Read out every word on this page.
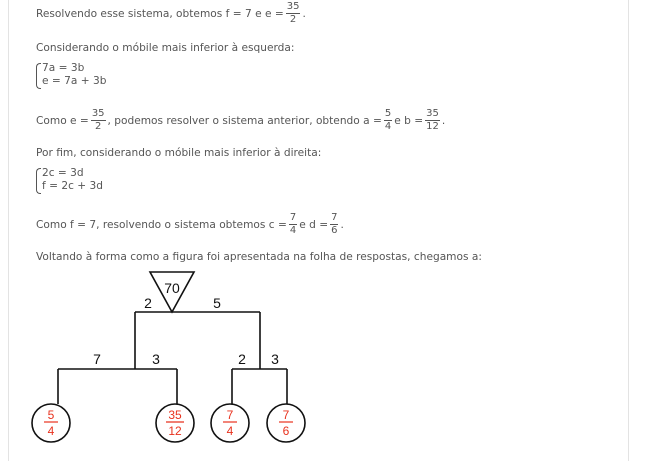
Resolvendo esse sistema, obtemos f = 7 e $e = \frac{35}{2}$ .
Considerando o móbile mais inferior à esquerda:
7a = 3b
e = 7a + 3b
Como $e = \frac{35}{2}$ , podemos resolver o sistema anterior, obtendo $a = \frac{5}{4}$ e $b = \frac{35}{12}$ .
Por fim, considerando o móbile mais inferior à direita:
2c = 3d
f = 2c + 3d
Como f = 7, resolvendo o sistema obtemos $c = \frac{7}{4}$ e $d = \frac{7}{6}$ .
Voltando à forma como a figura foi apresentada na folha de respostas, chegamos a:
70
2	5
7	3	2 3
5
4
35
12
7
4
7
6
